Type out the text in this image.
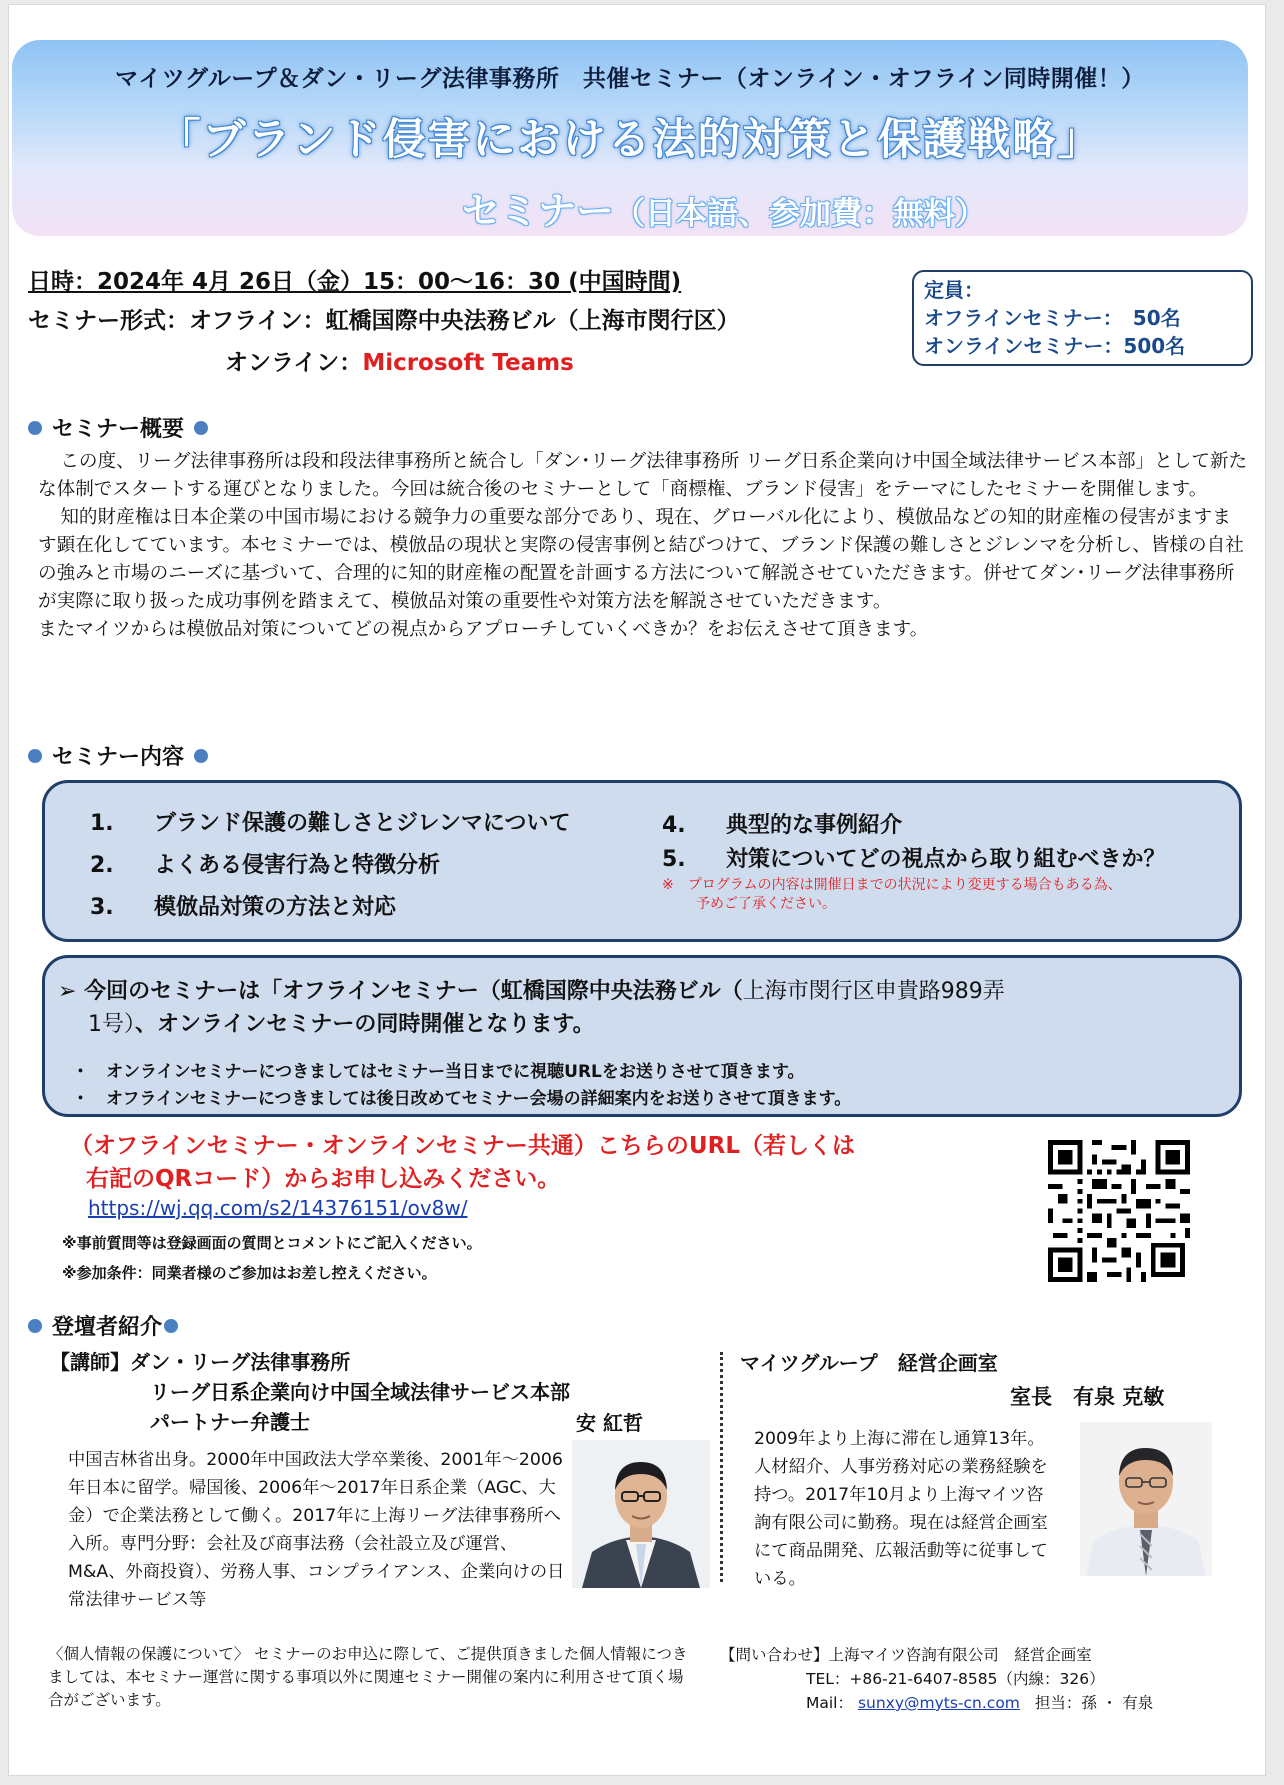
マイツグループ＆ダン・リーグ法律事務所　共催セミナー（オンライン・オフライン同時開催！）
「ブランド侵害における法的対策と保護戦略」
セミナー（日本語、参加費：無料）
日時：2024年 4月 26日（金）15：00～16：30 (中国時間)
セミナー形式：オフライン：虹橋国際中央法務ビル（上海市閔行区）
オンライン：Microsoft Teams
定員：
オフラインセミナー：　50名
オンラインセミナー：500名
セミナー概要

この度、リーグ法律事務所は段和段法律事務所と統合し「ダン･リーグ法律事務所 リーグ日系企業向け中国全域法律サービス本部」として新たな体制でスタートする運びとなりました。今回は統合後のセミナーとして「商標権、ブランド侵害」をテーマにしたセミナーを開催します。

知的財産権は日本企業の中国市場における競争力の重要な部分であり、現在、グローバル化により、模倣品などの知的財産権の侵害がますます顕在化してています。本セミナーでは、模倣品の現状と実際の侵害事例と結びつけて、ブランド保護の難しさとジレンマを分析し、皆様の自社の強みと市場のニーズに基づいて、合理的に知的財産権の配置を計画する方法について解説させていただきます。併せてダン･リーグ法律事務所が実際に取り扱った成功事例を踏まえて、模倣品対策の重要性や対策方法を解説させていただきます。

またマイツからは模倣品対策についてどの視点からアプローチしていくべきか？をお伝えさせて頂きます。

セミナー内容
1. ブランド保護の難しさとジレンマについて
2. よくある侵害行為と特徴分析
3. 模倣品対策の方法と対応
4. 典型的な事例紹介
5. 対策についてどの視点から取り組むべきか？
※　プログラムの内容は開催日までの状況により変更する場合もある為、
予めご了承ください。
➢ 今回のセミナーは「オフラインセミナー（虹橋国際中央法務ビル（上海市閔行区申貴路989弄
1号）、オンラインセミナーの同時開催となります。
・ オンラインセミナーにつきましてはセミナー当日までに視聴URLをお送りさせて頂きます。
・ オフラインセミナーにつきましては後日改めてセミナー会場の詳細案内をお送りさせて頂きます。
（オフラインセミナー・オンラインセミナー共通）こちらのURL（若しくは
右記のQRコード）からお申し込みください。
https://wj.qq.com/s2/14376151/ov8w/
※事前質問等は登録画面の質問とコメントにご記入ください。
※参加条件：同業者様のご参加はお差し控えください。
登壇者紹介
【講師】ダン・リーグ法律事務所
リーグ日系企業向け中国全域法律サービス本部
パートナー弁護士	安 紅哲
中国吉林省出身。2000年中国政法大学卒業後、2001年～2006年日本に留学。帰国後、2006年～2017年日系企業（AGC、大金）で企業法務として働く。2017年に上海リーグ法律事務所へ入所。専門分野：会社及び商事法務（会社設立及び運営、M&A、外商投資）、労務人事、コンプライアンス、企業向けの日常法律サービス等
マイツグループ　経営企画室
室長　有泉 克敏
2009年より上海に滞在し通算13年。人材紹介、人事労務対応の業務経験を持つ。2017年10月より上海マイツ咨詢有限公司に勤務。現在は経営企画室にて商品開発、広報活動等に従事している。
〈個人情報の保護について〉 セミナーのお申込に際して、ご提供頂きました個人情報につきましては、本セミナー運営に関する事項以外に関連セミナー開催の案内に利用させて頂く場合がございます。
【問い合わせ】上海マイツ咨詢有限公司　経営企画室
TEL：+86-21-6407-8585（内線：326）
Mail： sunxy@myts-cn.com 担当：孫 ・ 有泉
